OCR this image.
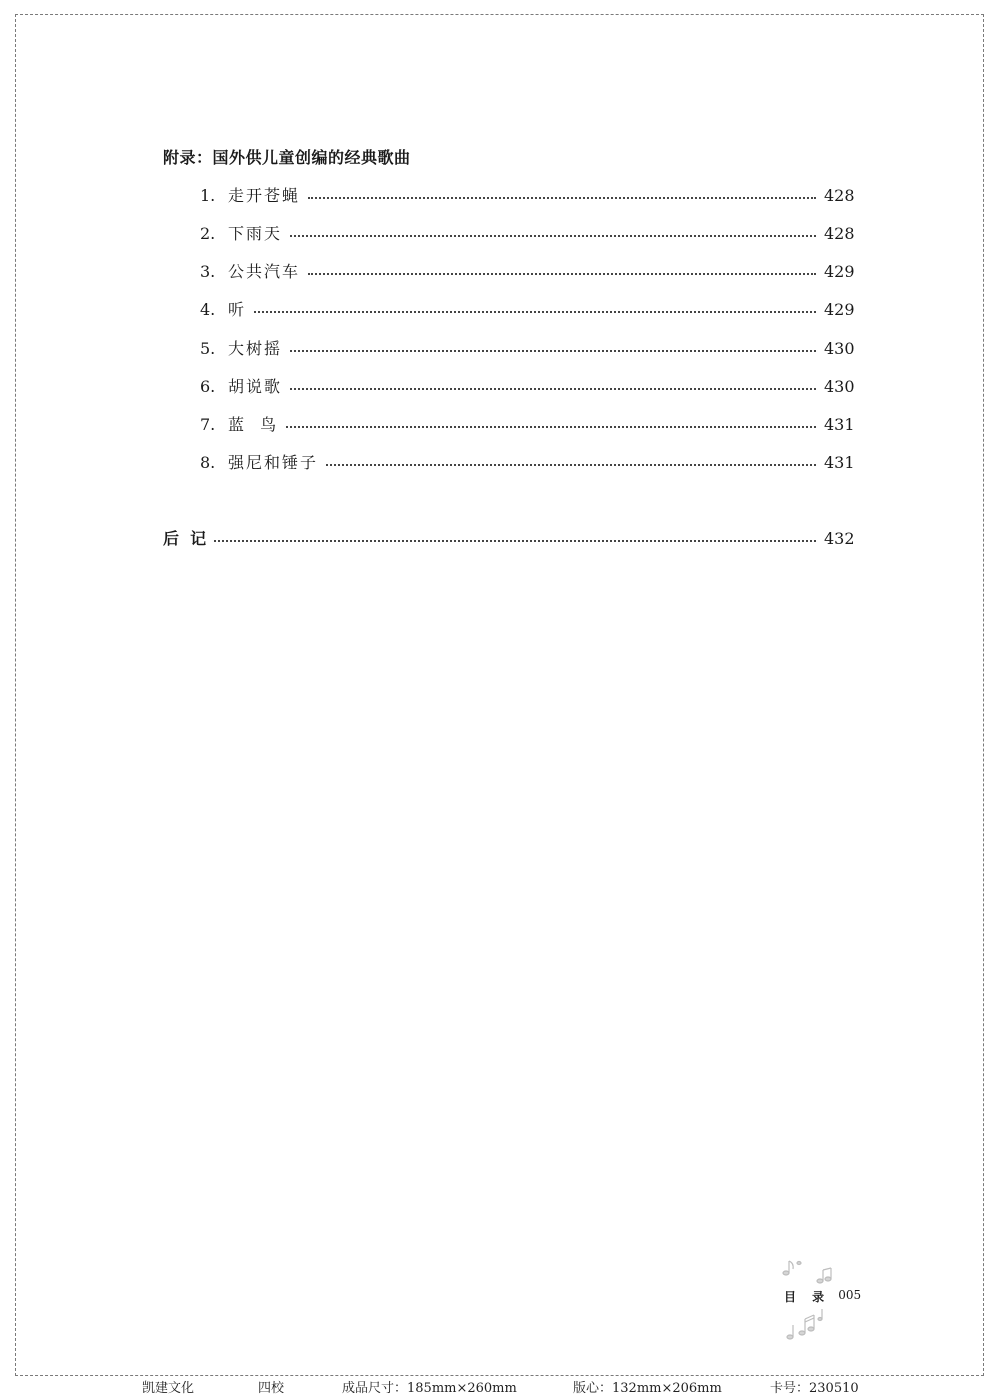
附录：国外供儿童创编的经典歌曲
1. 走开苍蝇	428
2. 下雨天	428
3. 公共汽车	429
4. 听	429
5. 大树摇	430
6. 胡说歌	430
7. 蓝  鸟	431
8. 强尼和锤子	431
后  记	432
目 录 005
凯建文化	四校	成品尺寸：185mm×260mm	版心：132mm×206mm	卡号：230510
